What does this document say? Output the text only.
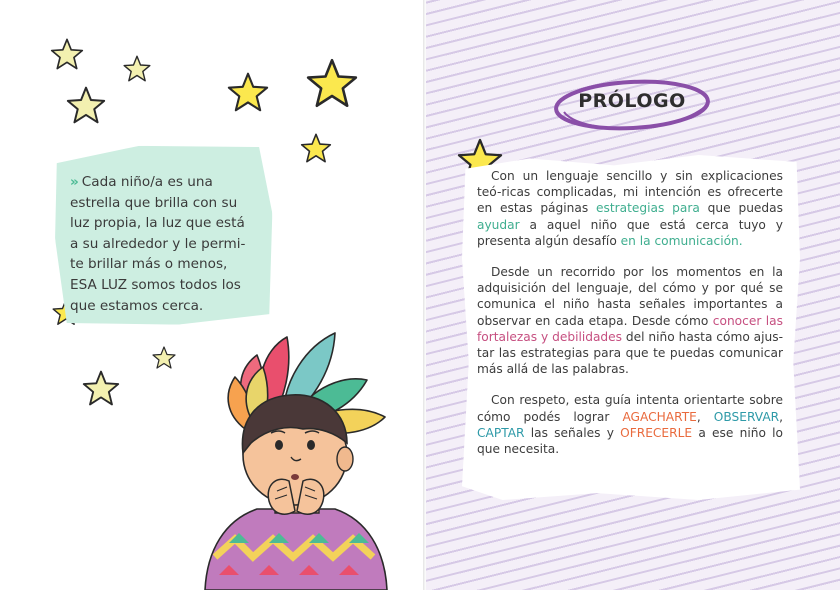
» Cada niño/a es una
estrella que brilla con su
luz propia, la luz que está
a su alrededor y le permi-
te brillar más o menos,
ESA LUZ somos todos los
que estamos cerca.
PRÓLOGO

Con un lenguaje sencillo y sin explicaciones teó-ricas complicadas, mi intención es ofrecerte en estas páginas estrategias para que puedas ayudar a aquel niño que está cerca tuyo y presenta algún desafío en la comunicación.

Desde un recorrido por los momentos en la adquisición del lenguaje, del cómo y por qué se comunica el niño hasta señales importantes a observar en cada etapa. Desde cómo conocer las fortalezas y debilidades del niño hasta cómo ajus-tar las estrategias para que te puedas comunicar más allá de las palabras.

Con respeto, esta guía intenta orientarte sobre cómo podés lograr AGACHARTE, OBSERVAR, CAPTAR las señales y OFRECERLE a ese niño lo que necesita.
